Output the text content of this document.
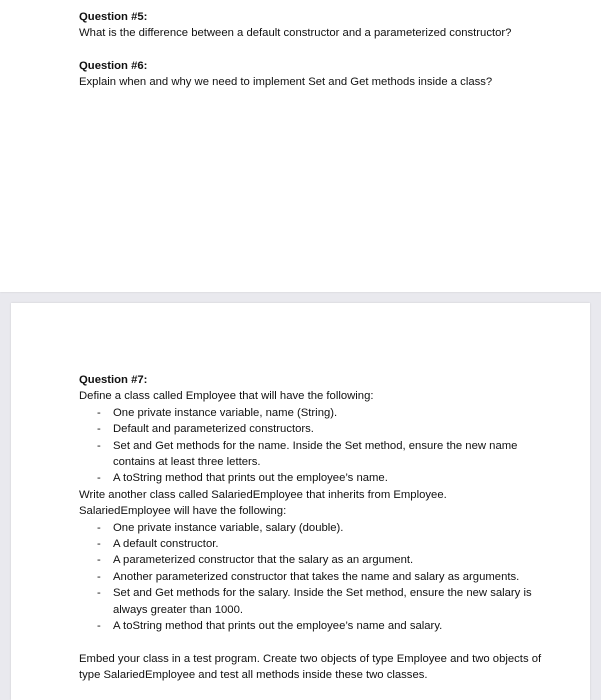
Question #5:
What is the difference between a default constructor and a parameterized constructor?
Question #6:
Explain when and why we need to implement Set and Get methods inside a class?
Question #7:
Define a class called Employee that will have the following:
- One private instance variable, name (String).
- Default and parameterized constructors.
- Set and Get methods for the name. Inside the Set method, ensure the new name contains at least three letters.
- A toString method that prints out the employee’s name.
Write another class called SalariedEmployee that inherits from Employee.
SalariedEmployee will have the following:
- One private instance variable, salary (double).
- A default constructor.
- A parameterized constructor that the salary as an argument.
- Another parameterized constructor that takes the name and salary as arguments.
- Set and Get methods for the salary. Inside the Set method, ensure the new salary is always greater than 1000.
- A toString method that prints out the employee’s name and salary.
Embed your class in a test program. Create two objects of type Employee and two objects of type SalariedEmployee and test all methods inside these two classes.
